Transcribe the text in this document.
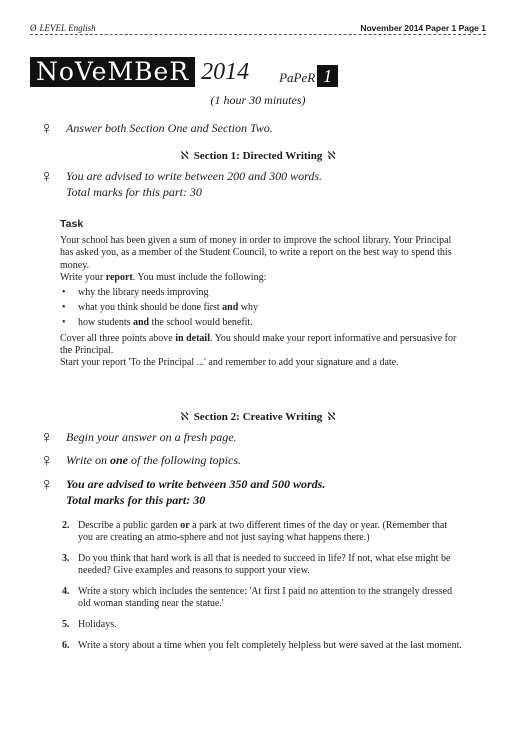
Ø LEVEL English	November 2014 Paper 1 Page 1
NoVeMBeR 2014 PaPeR 1
(1 hour 30 minutes)
♀	Answer both Section One and Section Two.
ℵ Section 1: Directed Writing ℵ
♀	You are advised to write between 200 and 300 words.
Total marks for this part: 30

Task

Your school has been given a sum of money in order to improve the school library. Your Principal has asked you, as a member of the Student Council, to write a report on the best way to spend this money.

Write your report. You must include the following:

• why the library needs improving
• what you think should be done first and why
• how students and the school would benefit.

Cover all three points above in detail. You should make your report informative and persuasive for the Principal.

Start your report 'To the Principal ...' and remember to add your signature and a date.

ℵ Section 2: Creative Writing ℵ
♀	Begin your answer on a fresh page.
♀	Write on one of the following topics.
♀	You are advised to write between 350 and 500 words.
Total marks for this part: 30
2. Describe a public garden or a park at two different times of the day or year. (Remember that you are creating an atmo-sphere and not just saying what happens there.)
3. Do you think that hard work is all that is needed to succeed in life? If not, what else might be needed? Give examples and reasons to support your view.
4. Write a story which includes the sentence: 'At first I paid no attention to the strangely dressed old woman standing near the statue.'
5. Holidays.
6. Write a story about a time when you felt completely helpless but were saved at the last moment.
